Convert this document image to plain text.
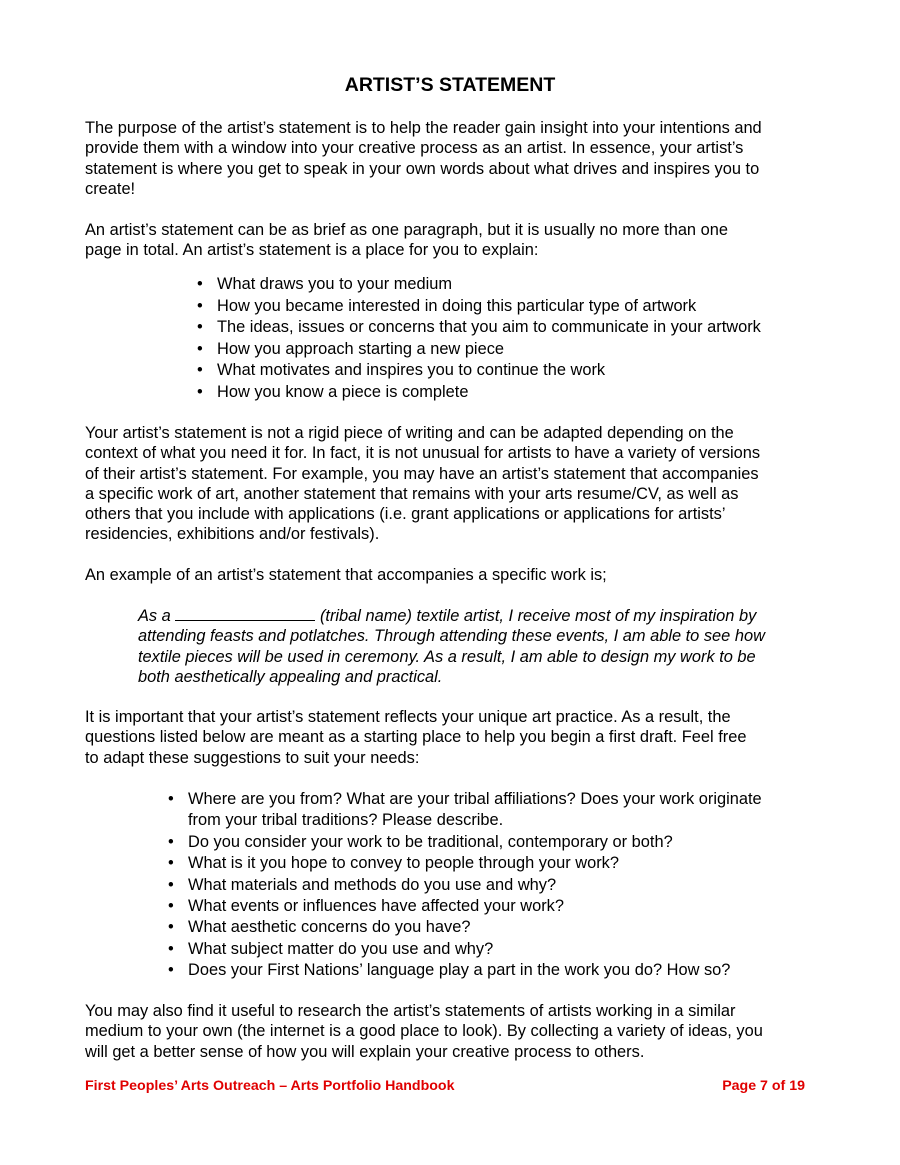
ARTIST’S STATEMENT
The purpose of the artist’s statement is to help the reader gain insight into your intentions and
provide them with a window into your creative process as an artist. In essence, your artist’s
statement is where you get to speak in your own words about what drives and inspires you to
create!
An artist’s statement can be as brief as one paragraph, but it is usually no more than one
page in total. An artist’s statement is a place for you to explain:
• What draws you to your medium
• How you became interested in doing this particular type of artwork
• The ideas, issues or concerns that you aim to communicate in your artwork
• How you approach starting a new piece
• What motivates and inspires you to continue the work
• How you know a piece is complete
Your artist’s statement is not a rigid piece of writing and can be adapted depending on the
context of what you need it for. In fact, it is not unusual for artists to have a variety of versions
of their artist’s statement. For example, you may have an artist’s statement that accompanies
a specific work of art, another statement that remains with your arts resume/CV, as well as
others that you include with applications (i.e. grant applications or applications for artists’
residencies, exhibitions and/or festivals).
An example of an artist’s statement that accompanies a specific work is;
As a	(tribal name) textile artist, I receive most of my inspiration by
attending feasts and potlatches. Through attending these events, I am able to see how
textile pieces will be used in ceremony. As a result, I am able to design my work to be
both aesthetically appealing and practical.
It is important that your artist’s statement reflects your unique art practice. As a result, the
questions listed below are meant as a starting place to help you begin a first draft. Feel free
to adapt these suggestions to suit your needs:
• Where are you from? What are your tribal affiliations? Does your work originate
from your tribal traditions? Please describe.
• Do you consider your work to be traditional, contemporary or both?
• What is it you hope to convey to people through your work?
• What materials and methods do you use and why?
• What events or influences have affected your work?
• What aesthetic concerns do you have?
• What subject matter do you use and why?
• Does your First Nations’ language play a part in the work you do? How so?
You may also find it useful to research the artist’s statements of artists working in a similar
medium to your own (the internet is a good place to look). By collecting a variety of ideas, you
will get a better sense of how you will explain your creative process to others.
First Peoples’ Arts Outreach – Arts Portfolio Handbook	Page 7 of 19
